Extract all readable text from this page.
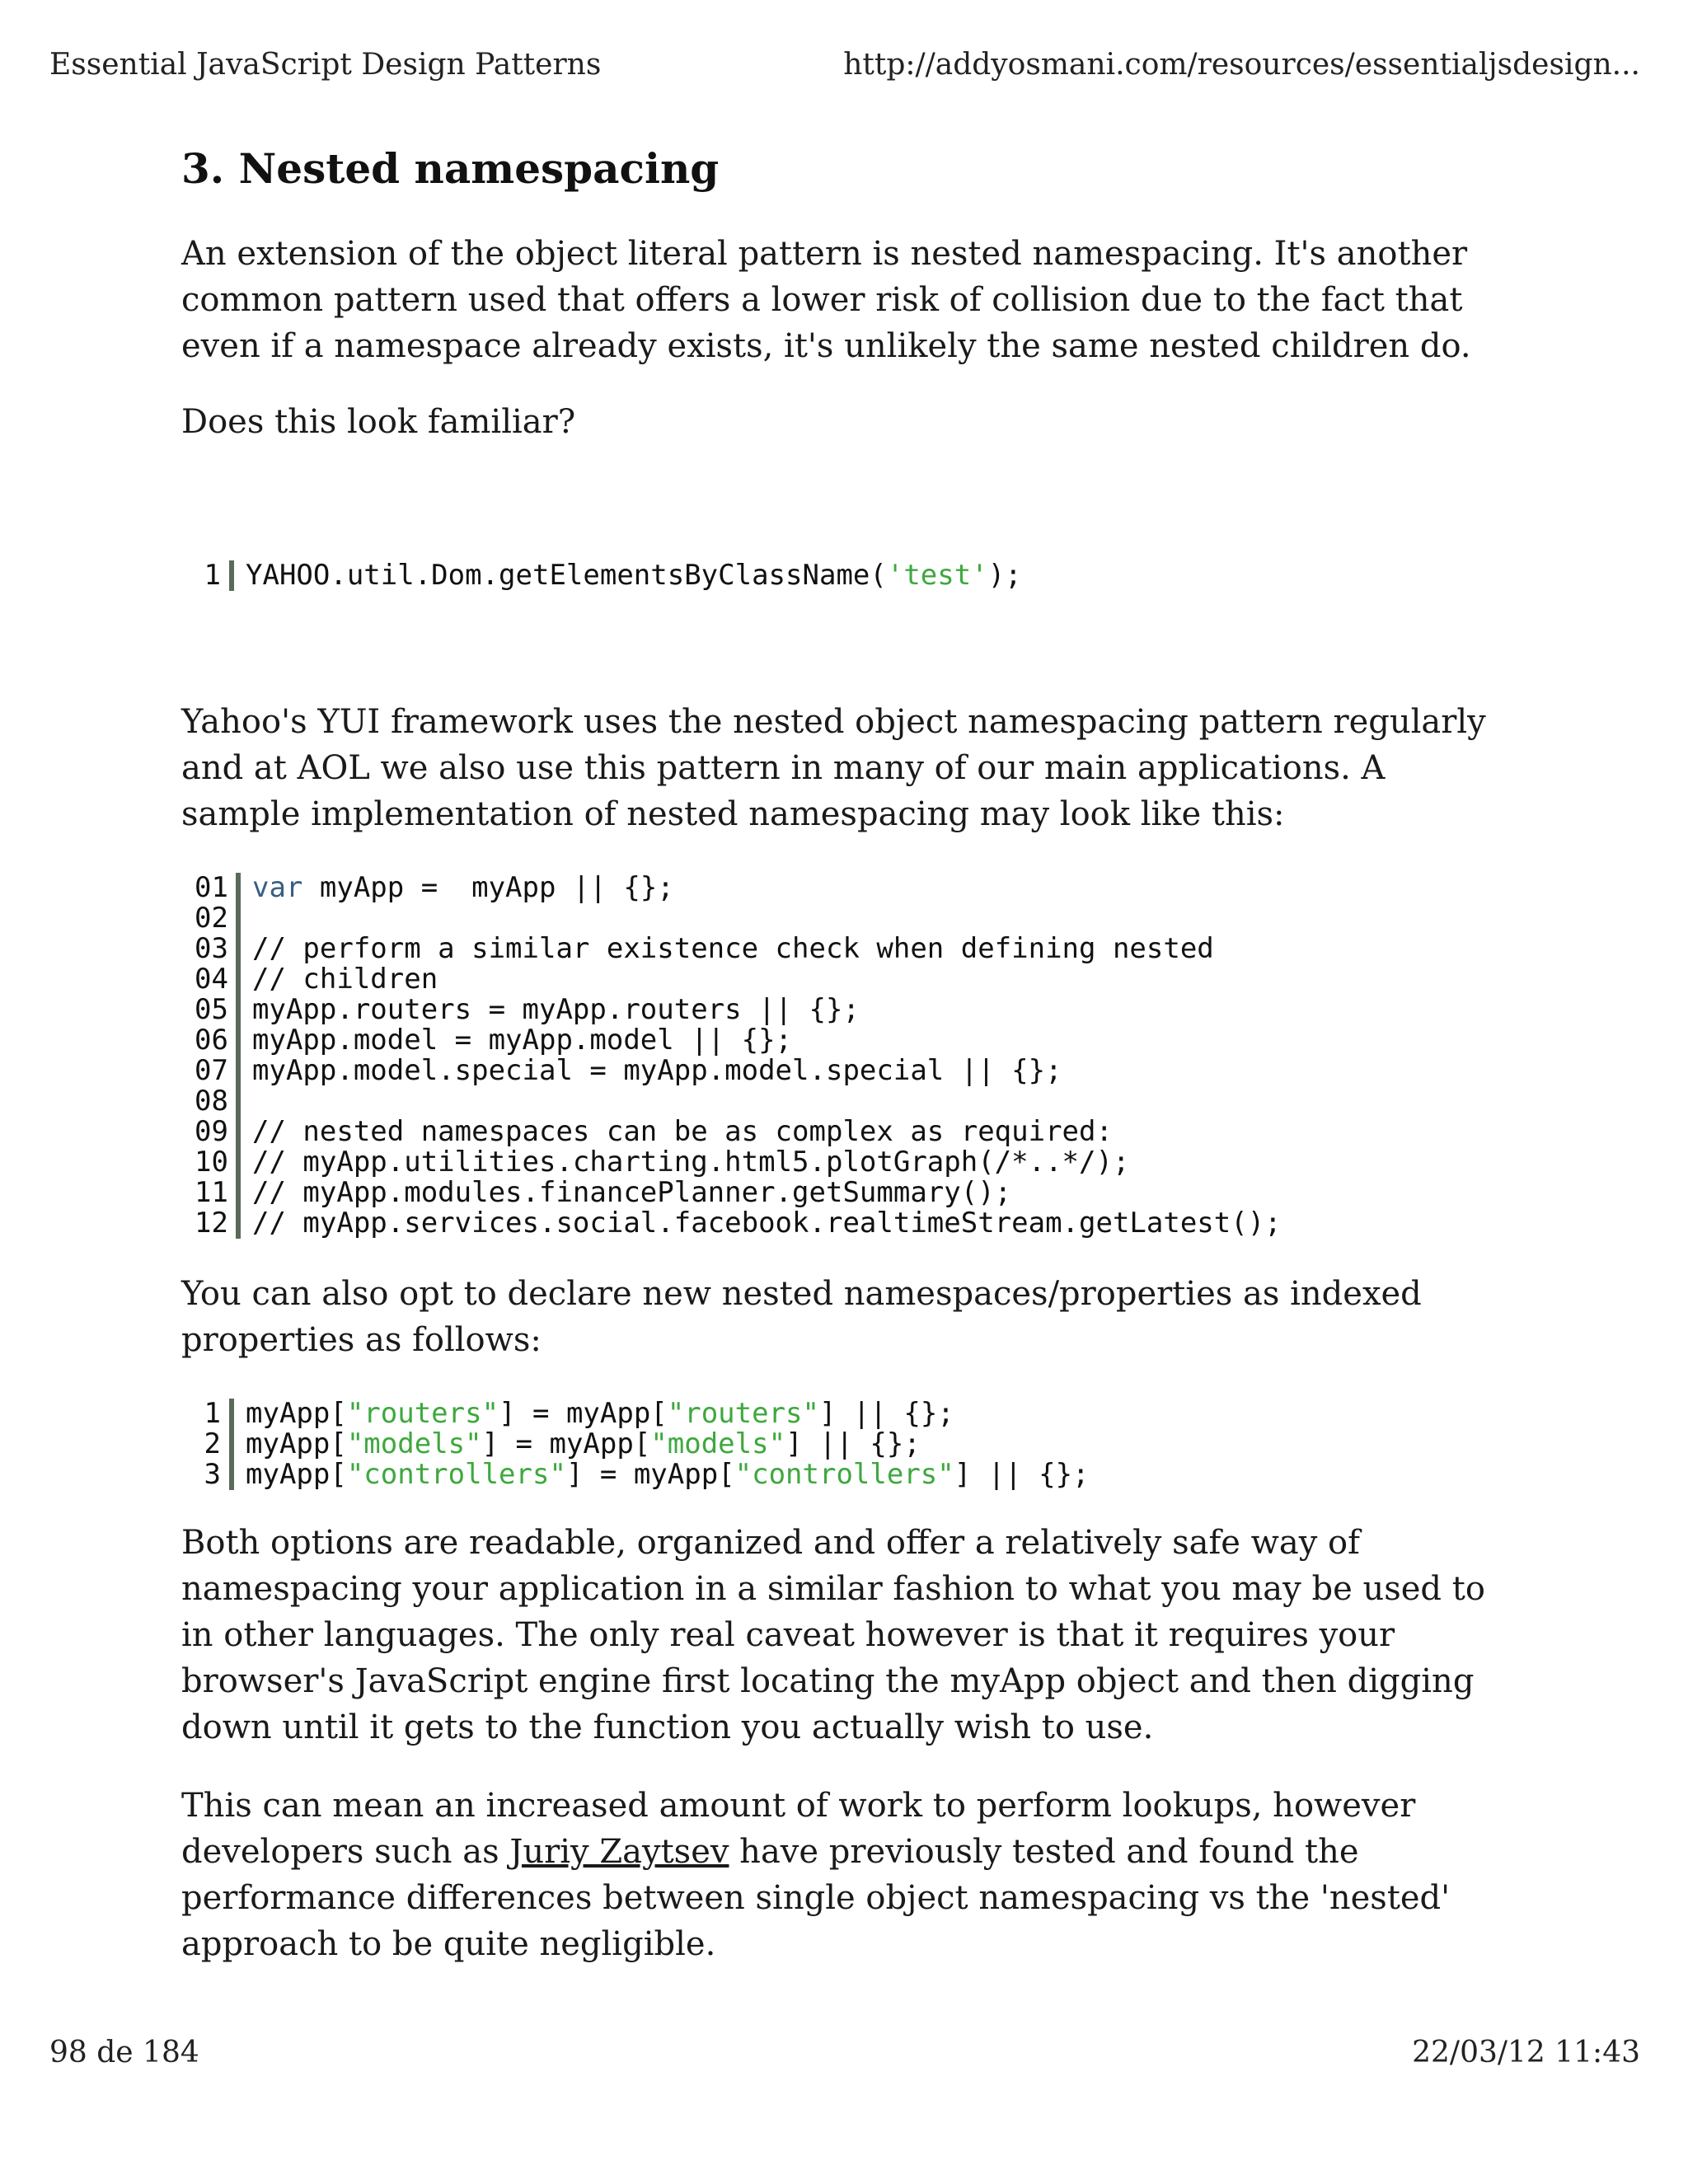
Essential JavaScript Design Patterns	http://addyosmani.com/resources/essentialjsdesign...
3. Nested namespacing
An extension of the object literal pattern is nested namespacing. It's another
common pattern used that offers a lower risk of collision due to the fact that
even if a namespace already exists, it's unlikely the same nested children do.
Does this look familiar?
1 YAHOO.util.Dom.getElementsByClassName('test');
Yahoo's YUI framework uses the nested object namespacing pattern regularly
and at AOL we also use this pattern in many of our main applications. A
sample implementation of nested namespacing may look like this:
01 var myApp =  myApp || {};
02
03 // perform a similar existence check when defining nested
04 // children
05 myApp.routers = myApp.routers || {};
06 myApp.model = myApp.model || {};
07 myApp.model.special = myApp.model.special || {};
08
09 // nested namespaces can be as complex as required:
10 // myApp.utilities.charting.html5.plotGraph(/*..*/);
11 // myApp.modules.financePlanner.getSummary();
12 // myApp.services.social.facebook.realtimeStream.getLatest();
You can also opt to declare new nested namespaces/properties as indexed
properties as follows:
1 myApp["routers"] = myApp["routers"] || {};
2 myApp["models"] = myApp["models"] || {};
3 myApp["controllers"] = myApp["controllers"] || {};
Both options are readable, organized and offer a relatively safe way of
namespacing your application in a similar fashion to what you may be used to
in other languages. The only real caveat however is that it requires your
browser's JavaScript engine first locating the myApp object and then digging
down until it gets to the function you actually wish to use.
This can mean an increased amount of work to perform lookups, however
developers such as Juriy Zaytsev have previously tested and found the
performance differences between single object namespacing vs the 'nested'
approach to be quite negligible.
98 de 184	22/03/12 11:43
